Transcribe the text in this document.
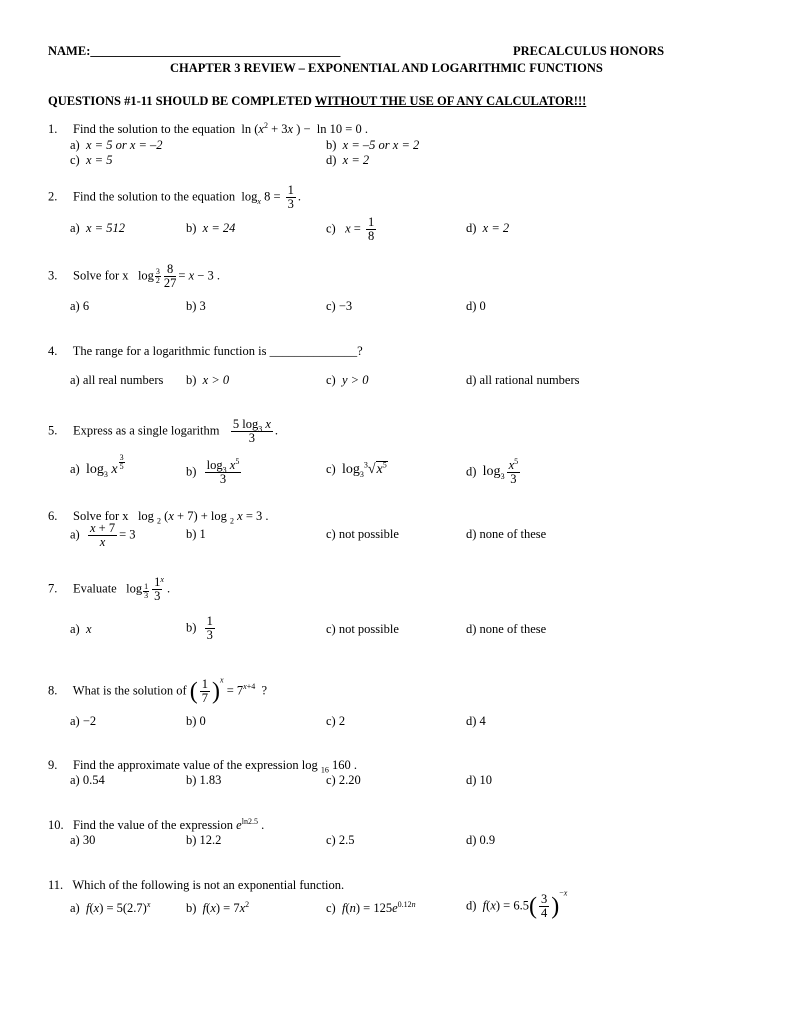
NAME:________________________________________	PRECALCULUS HONORS
CHAPTER 3 REVIEW – EXPONENTIAL AND LOGARITHMIC FUNCTIONS
QUESTIONS #1-11 SHOULD BE COMPLETED WITHOUT THE USE OF ANY CALCULATOR!!!
1. Find the solution to the equation  $\ln (x^2 + 3x$ ) −  ln 10 = 0 .
a) x = 5 or x = –2	b) x = –5 or x = 2
c) x = 5	d) x = 2
2. Find the solution to the equation  $\log_x 8 = \frac{1}{3}$ .
a) x = 512	b) x = 24	c) $x = \frac{1}{8}$	d) x = 2
3. Solve for x   $\log \frac{3}{2} \frac{8}{27} = x - 3$ .
a) 6	b) 3	c) −3	d) 0
4. The range for a logarithmic function is ______________?
a) all real numbers b) x > 0	c) y > 0	d) all rational numbers
5. Express as a single logarithm $\frac{5 \log_3 x}{3}$ .
a) $\log_3 x \frac{3}{5}$
$b) \frac{\log_3 x^5}{3}$	c) $\log_3^3√x^5$	d) $\log_3 \frac{x^5}{3}$
6. Solve for x   log $_2$ (x + 7) + log $_2$ x = 3 .
$a) \frac{x + 7}{x} = 3$	b) 1	c) not possible	d) none of these
7. Evaluate   $\log \frac{1}{3} \frac{1}{3}$
$^x$ .
a) x	$b) \frac{1}{3}$	c) not possible	d) none of these
8. What is the solution of ( $\frac{1}{7} )^x = 7^{x+4}$  ?
a) −2	b) 0	c) 2	d) 4
9. Find the approximate value of the expression log $_{16}$ 160 .
a) 0.54	b) 1.83	c) 2.20	d) 10
10. Find the value of the expression $e^{ln2.5}$ .
a) 30	b) 12.2	c) 2.5	d) 0.9
11. Which of the following is not an exponential function.
a) $f(x) = 5(2.7)^x$	b) $f(x) = 7x^2$	c) $f(n) = 125e^{0.12n}$	d) $f(x) = 6.5( \frac{3}{4} )^{-x}$
